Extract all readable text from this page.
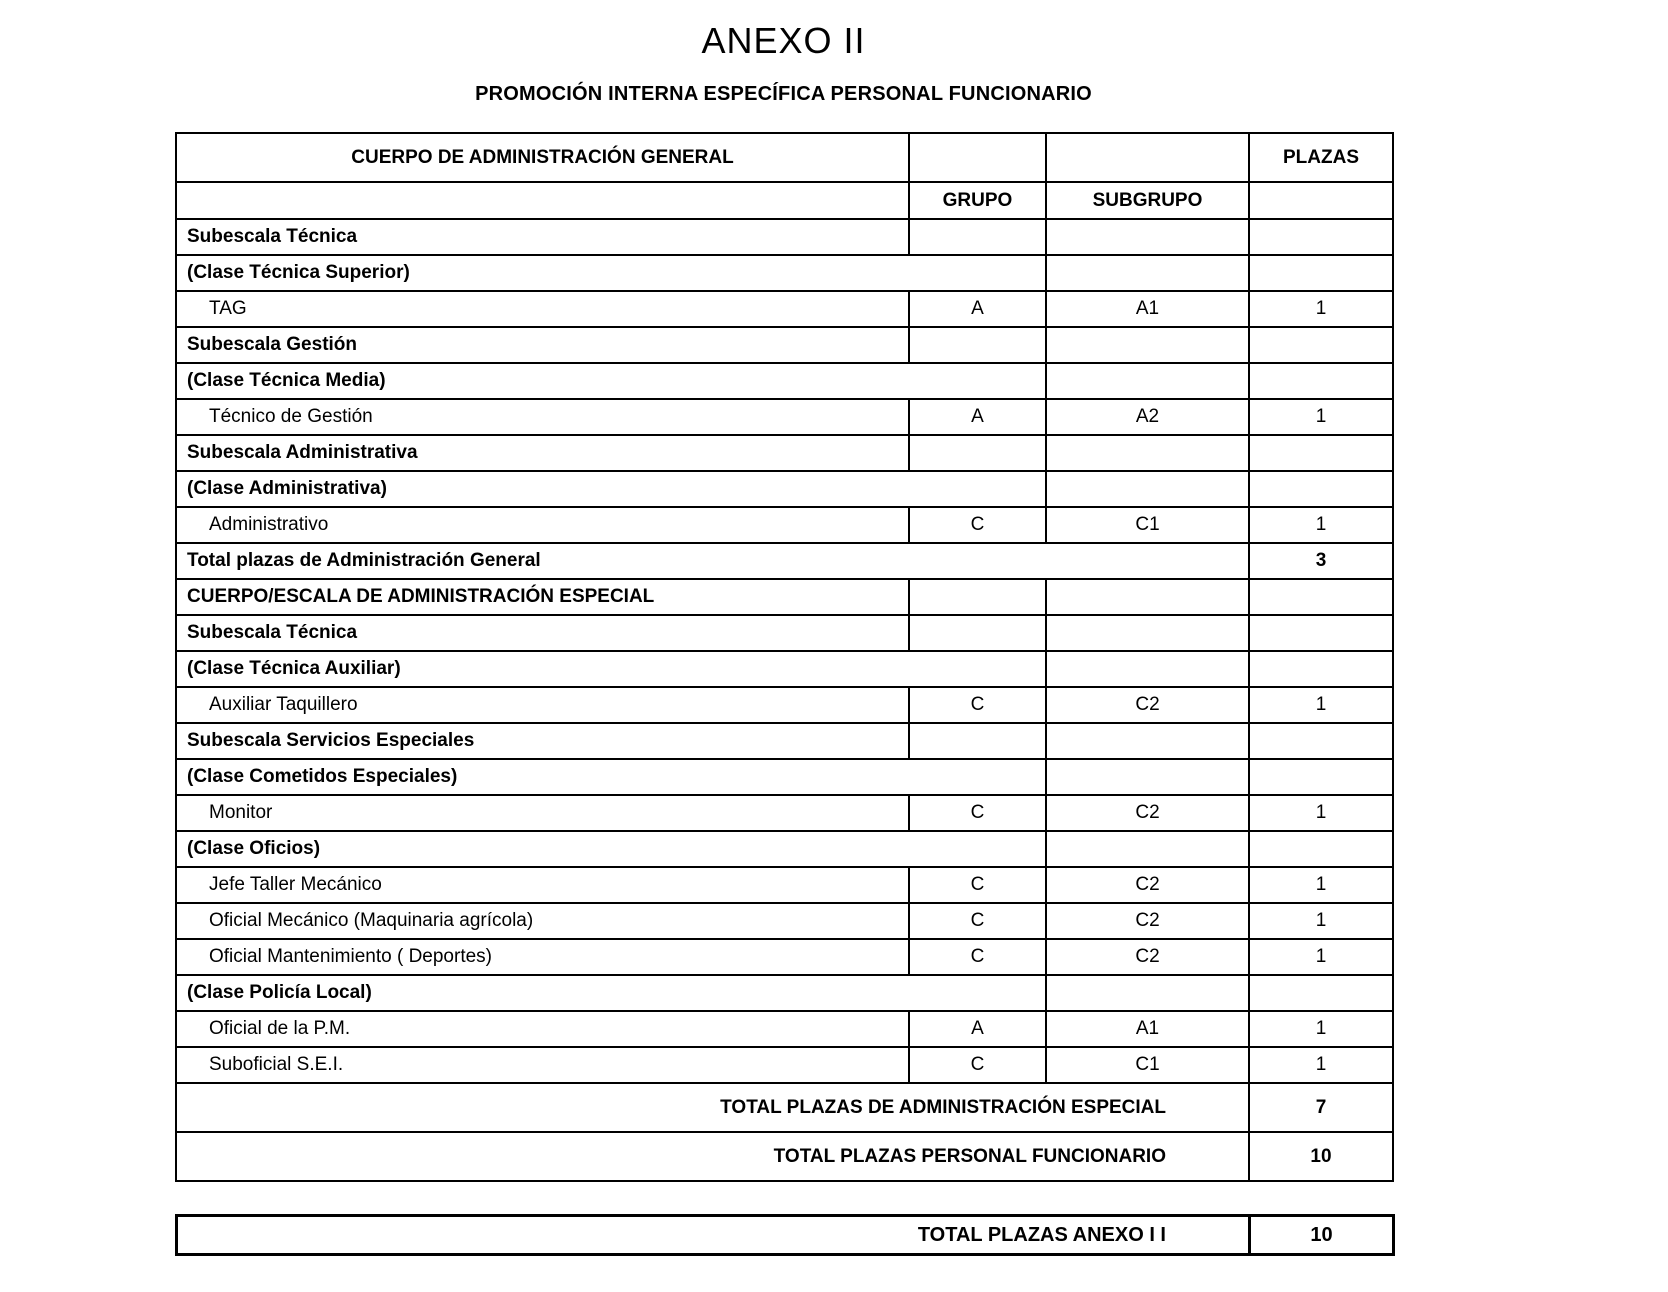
ANEXO II
PROMOCIÓN INTERNA ESPECÍFICA PERSONAL FUNCIONARIO
CUERPO DE ADMINISTRACIÓN GENERAL			PLAZAS
	GRUPO	SUBGRUPO	
Subescala Técnica			
(Clase Técnica Superior)			
TAG	A	A1	1
Subescala Gestión			
(Clase Técnica Media)			
Técnico de Gestión	A	A2	1
Subescala Administrativa			
(Clase Administrativa)			
Administrativo	C	C1	1
Total plazas de Administración General			3
CUERPO/ESCALA DE ADMINISTRACIÓN ESPECIAL			
Subescala Técnica			
(Clase Técnica Auxiliar)			
Auxiliar Taquillero	C	C2	1
Subescala Servicios Especiales			
(Clase Cometidos Especiales)			
Monitor	C	C2	1
(Clase Oficios)			
Jefe Taller Mecánico	C	C2	1
Oficial Mecánico (Maquinaria agrícola)	C	C2	1
Oficial Mantenimiento ( Deportes)	C	C2	1
(Clase Policía Local)			
Oficial de la P.M.	A	A1	1
Suboficial S.E.I.	C	C1	1
TOTAL PLAZAS DE ADMINISTRACIÓN ESPECIAL			7
TOTAL PLAZAS PERSONAL FUNCIONARIO			10
TOTAL PLAZAS ANEXO I I	10
